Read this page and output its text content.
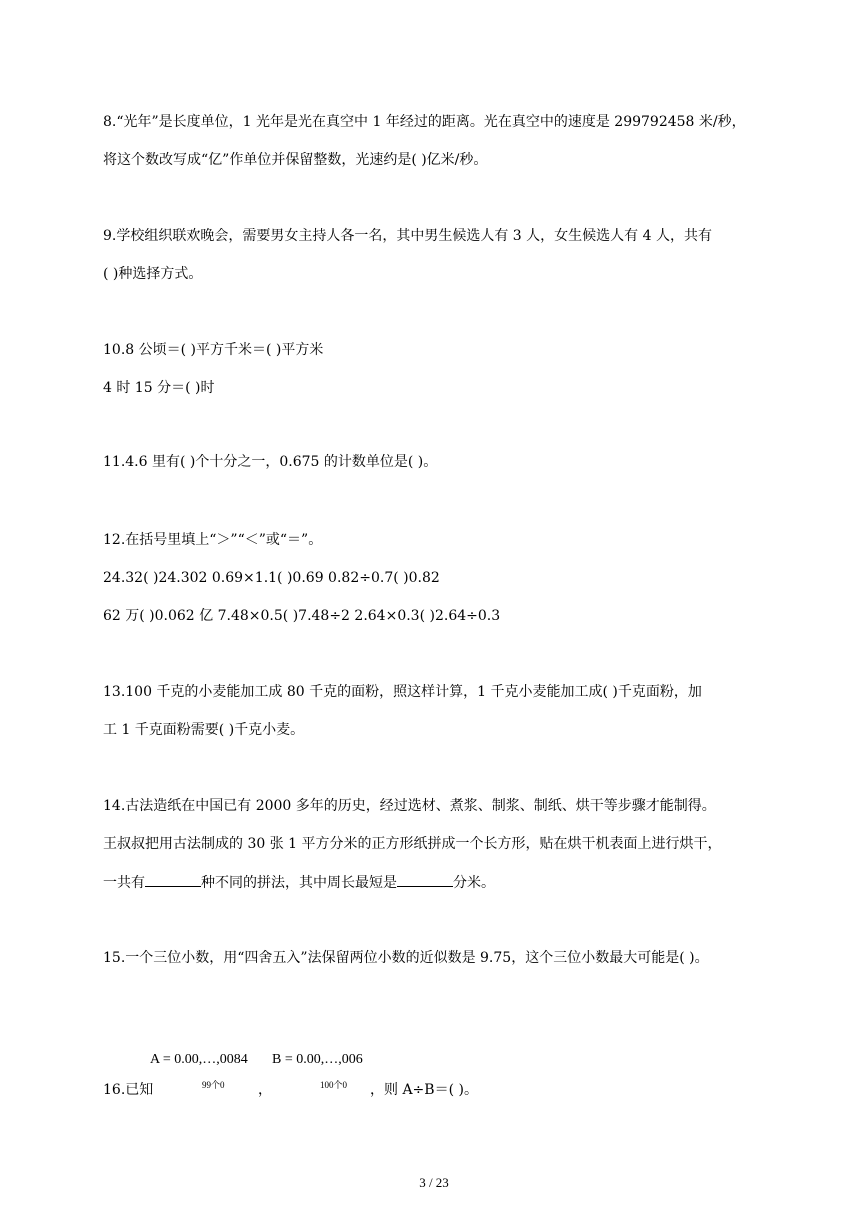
8.“光年”是长度单位，1 光年是光在真空中 1 年经过的距离。光在真空中的速度是 299792458 米/秒，
将这个数改写成“亿”作单位并保留整数，光速约是( )亿米/秒。
9.学校组织联欢晚会，需要男女主持人各一名，其中男生候选人有 3 人，女生候选人有 4 人，共有
( )种选择方式。
10.8 公顷＝( )平方千米＝( )平方米
4 时 15 分＝( )时
11.4.6 里有( )个十分之一，0.675 的计数单位是( )。
12.在括号里填上“＞”“＜”或“＝”。
24.32( )24.302 0.69×1.1( )0.69 0.82÷0.7( )0.82
62 万( )0.062 亿 7.48×0.5( )7.48÷2 2.64×0.3( )2.64÷0.3
13.100 千克的小麦能加工成 80 千克的面粉，照这样计算，1 千克小麦能加工成( )千克面粉，加
工 1 千克面粉需要( )千克小麦。
14.古法造纸在中国已有 2000 多年的历史，经过选材、煮浆、制浆、制纸、烘干等步骤才能制得。
王叔叔把用古法制成的 30 张 1 平方分米的正方形纸拼成一个长方形，贴在烘干机表面上进行烘干，
一共有	种不同的拼法，其中周长最短是	分米。
15.一个三位小数，用“四舍五入”法保留两位小数的近似数是 9.75，这个三位小数最大可能是( )。
A = 0.00,…,0084 B = 0.00,…,006
16.已知	99个0 ，	100个0 ，则 A÷B＝( )。
3 / 23
